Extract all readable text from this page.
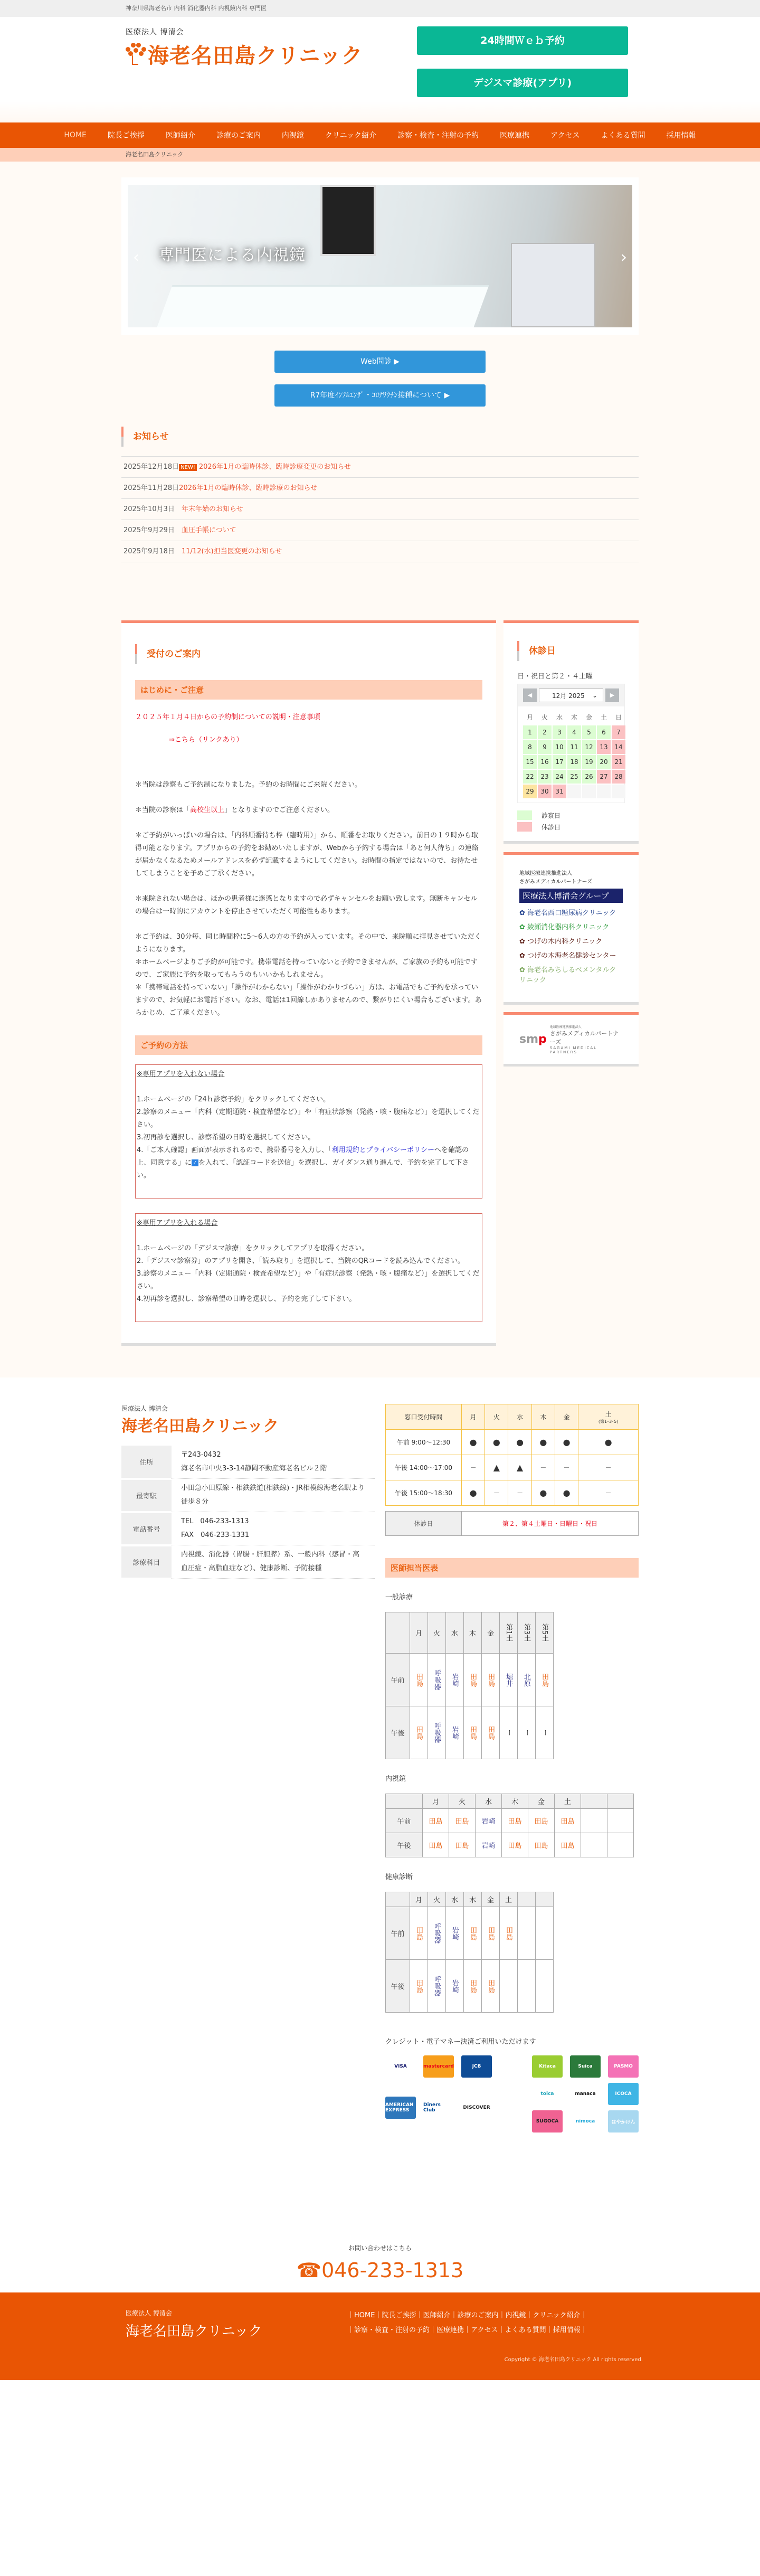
神奈川県海老名市 内科 消化器内科 内視鏡内科 専門医
医療法人 博清会
海老名田島クリニック
24時間Ｗｅｂ予約
デジスマ診療(アプリ)
HOME	院長ご挨拶	医師紹介	診療のご案内	内視鏡	クリニック紹介	診察・検査・注射の予約	医療連携	アクセス	よくある質問	採用情報
海老名田島クリニック
‹	›
専門医による内視鏡
Web問診 ▶
R7年度ｲﾝﾌﾙｴﾝｻﾞ・ｺﾛﾅﾜｸﾁﾝ接種について ▶
お知らせ
2025年12月18日 NEW! 2026年1月の臨時休診、臨時診療変更のお知らせ
2025年11月28日2026年1月の臨時休診、臨時診療のお知らせ
2025年10月3日 年末年始のお知らせ
2025年9月29日 血圧手帳について
2025年9月18日 11/12(水)担当医変更のお知らせ
受付のご案内
はじめに・ご注意

２０２５年１月４日からの予約制についての説明・注意事項

⇒こちら（リンクあり）

＊当院は診察もご予約制になりました。予約のお時間にご来院ください。

＊当院の診察は「高校生以上」となりますのでご注意ください。

＊ご予約がいっぱいの場合は、「内科順番待ち枠（臨時用）」から、順番をお取りください。前日の１９時から取得可能となります。アプリからの予約をお勧めいたしますが、Webから予約する場合は「あと何人待ち」の連絡が届かなくなるためメールアドレスを必ず記載するようにしてください。お時間の指定ではないので、お待たせしてしまうことを予めご了承ください。

＊来院されない場合は、ほかの患者様に迷惑となりますので必ずキャンセルをお願い致します。無断キャンセルの場合は一時的にアカウントを停止させていただく可能性もあります。

＊ご予約は、30分毎、同じ時間枠に5～6人の方の予約が入っています。その中で、来院順に拝見させていただくようになります。

＊ホームページよりご予約が可能です。携帯電話を持っていないと予約できませんが、ご家族の予約も可能ですので、ご家族に予約を取ってもらうのもいいかもしれません。

＊「携帯電話を持っていない」「操作がわからない」「操作がわかりづらい」方は、お電話でもご予約を承っていますので、お気軽にお電話下さい。なお、電話は1回線しかありませんので、繋がりにくい場合もございます。あらかじめ、ご了承ください。

ご予約の方法
※専用アプリを入れない場合
1.ホームページの「24ｈ診察予約」をクリックしてください。
2.診察のメニュー「内科（定期通院・検査希望など）」や「有症状診察（発熱・咳・腹痛など）」を選択してください。
3.初再診を選択し、診察希望の日時を選択してください。
4.「ご本人確認」画面が表示されるので、携帯番号を入力し、「利用規約とプライバシーポリシーへを確認の上、同意する」に ✓ を入れて、「認証コードを送信」を選択し、ガイダンス通り進んで、予約を完了して下さい。
※専用アプリを入れる場合
1.ホームページの「デジスマ診療」をクリックしてアプリを取得ください。
2.「デジスマ診察券」のアプリを開き、「読み取り」を選択して、当院のQRコードを読み込んでください。
3.診察のメニュー「内科（定期通院・検査希望など）」や「有症状診察（発熱・咳・腹痛など）」を選択してください。
4.初再診を選択し、診察希望の日時を選択し、予約を完了して下さい。
休診日

日・祝日と第２・４土曜

◀	12月 2025 ⌄	▶
月	火	水	木	金	土	日
1	2	3	4	5	6	7
8	9	10	11	12	13	14
15	16	17	18	19	20	21
22	23	24	25	26	27	28
29	30	31
診察日
休診日
地域医療連携推進法人
さがみメディカルパートナーズ
医療法人博清会グループ
✿ 海老名西口糖尿病クリニック
✿ 綾瀬消化器内科クリニック
✿ つげの木内科クリニック
✿ つげの木海老名健診センター
✿ 海老名みちしるべメンタルクリニック
smp
地域医療連携推進法人
さがみメディカルパートナーズ
SAGAMI MEDICAL PARTNERS
医療法人 博清会
海老名田島クリニック
住所	〒243-0432
海老名市中央3-3-14静岡不動産海老名ビル２階

最寄駅	小田急小田原線・相鉄鉄道(相鉄線)・JR相模線海老名駅より徒歩８分

電話番号	TEL　046-233-1313
FAX　046-233-1331

診療科目	内視鏡、消化器（胃腸・肝胆膵）系、一般内科（感冒・高血圧症・高脂血症など）、健康診断、予防接種
窓口受付時間	月	火	水	木	金	土
(第1･3･5)

午前 9:00～12:30	●	●	●	●	●	●
午後 14:00～17:00	－	▲	▲	－	－	－
午後 15:00～18:30	●	－	－	●	●	－
休診日	第２、第４土曜日・日曜日・祝日
医師担当医表
一般診療
	月	火	水	木	金	第1土	第3土	第5土
午前	田島	呼吸器	岩崎	田島	田島	堀井	北原	田島
午後	田島	呼吸器	岩崎	田島	田島	ー	ー	ー
内視鏡
	月	火	水	木	金	土		
午前	田島	田島	岩崎	田島	田島	田島		
午後	田島	田島	岩崎	田島	田島	田島		
健康診断
	月	火	水	木	金	土		
午前	田島	呼吸器	岩崎	田島	田島	田島		
午後	田島	呼吸器	岩崎	田島	田島			
クレジット・電子マネー決済ご利用いただけます
VISA	mastercard	JCB
AMERICAN EXPRESS
Diners Club	DISCOVER
Kitaca	Suica	PASMO
toica	manaca	ICOCA
SUGOCA	nimoca	はやかけん
お問い合わせはこちら
☎046-233-1313
医療法人 博清会
海老名田島クリニック
｜HOME｜院長ご挨拶｜医師紹介｜診療のご案内｜内視鏡｜クリニック紹介｜
｜診察・検査・注射の予約｜医療連携｜アクセス｜よくある質問｜採用情報｜
Copyright © 海老名田島クリニック All rights reserved.
